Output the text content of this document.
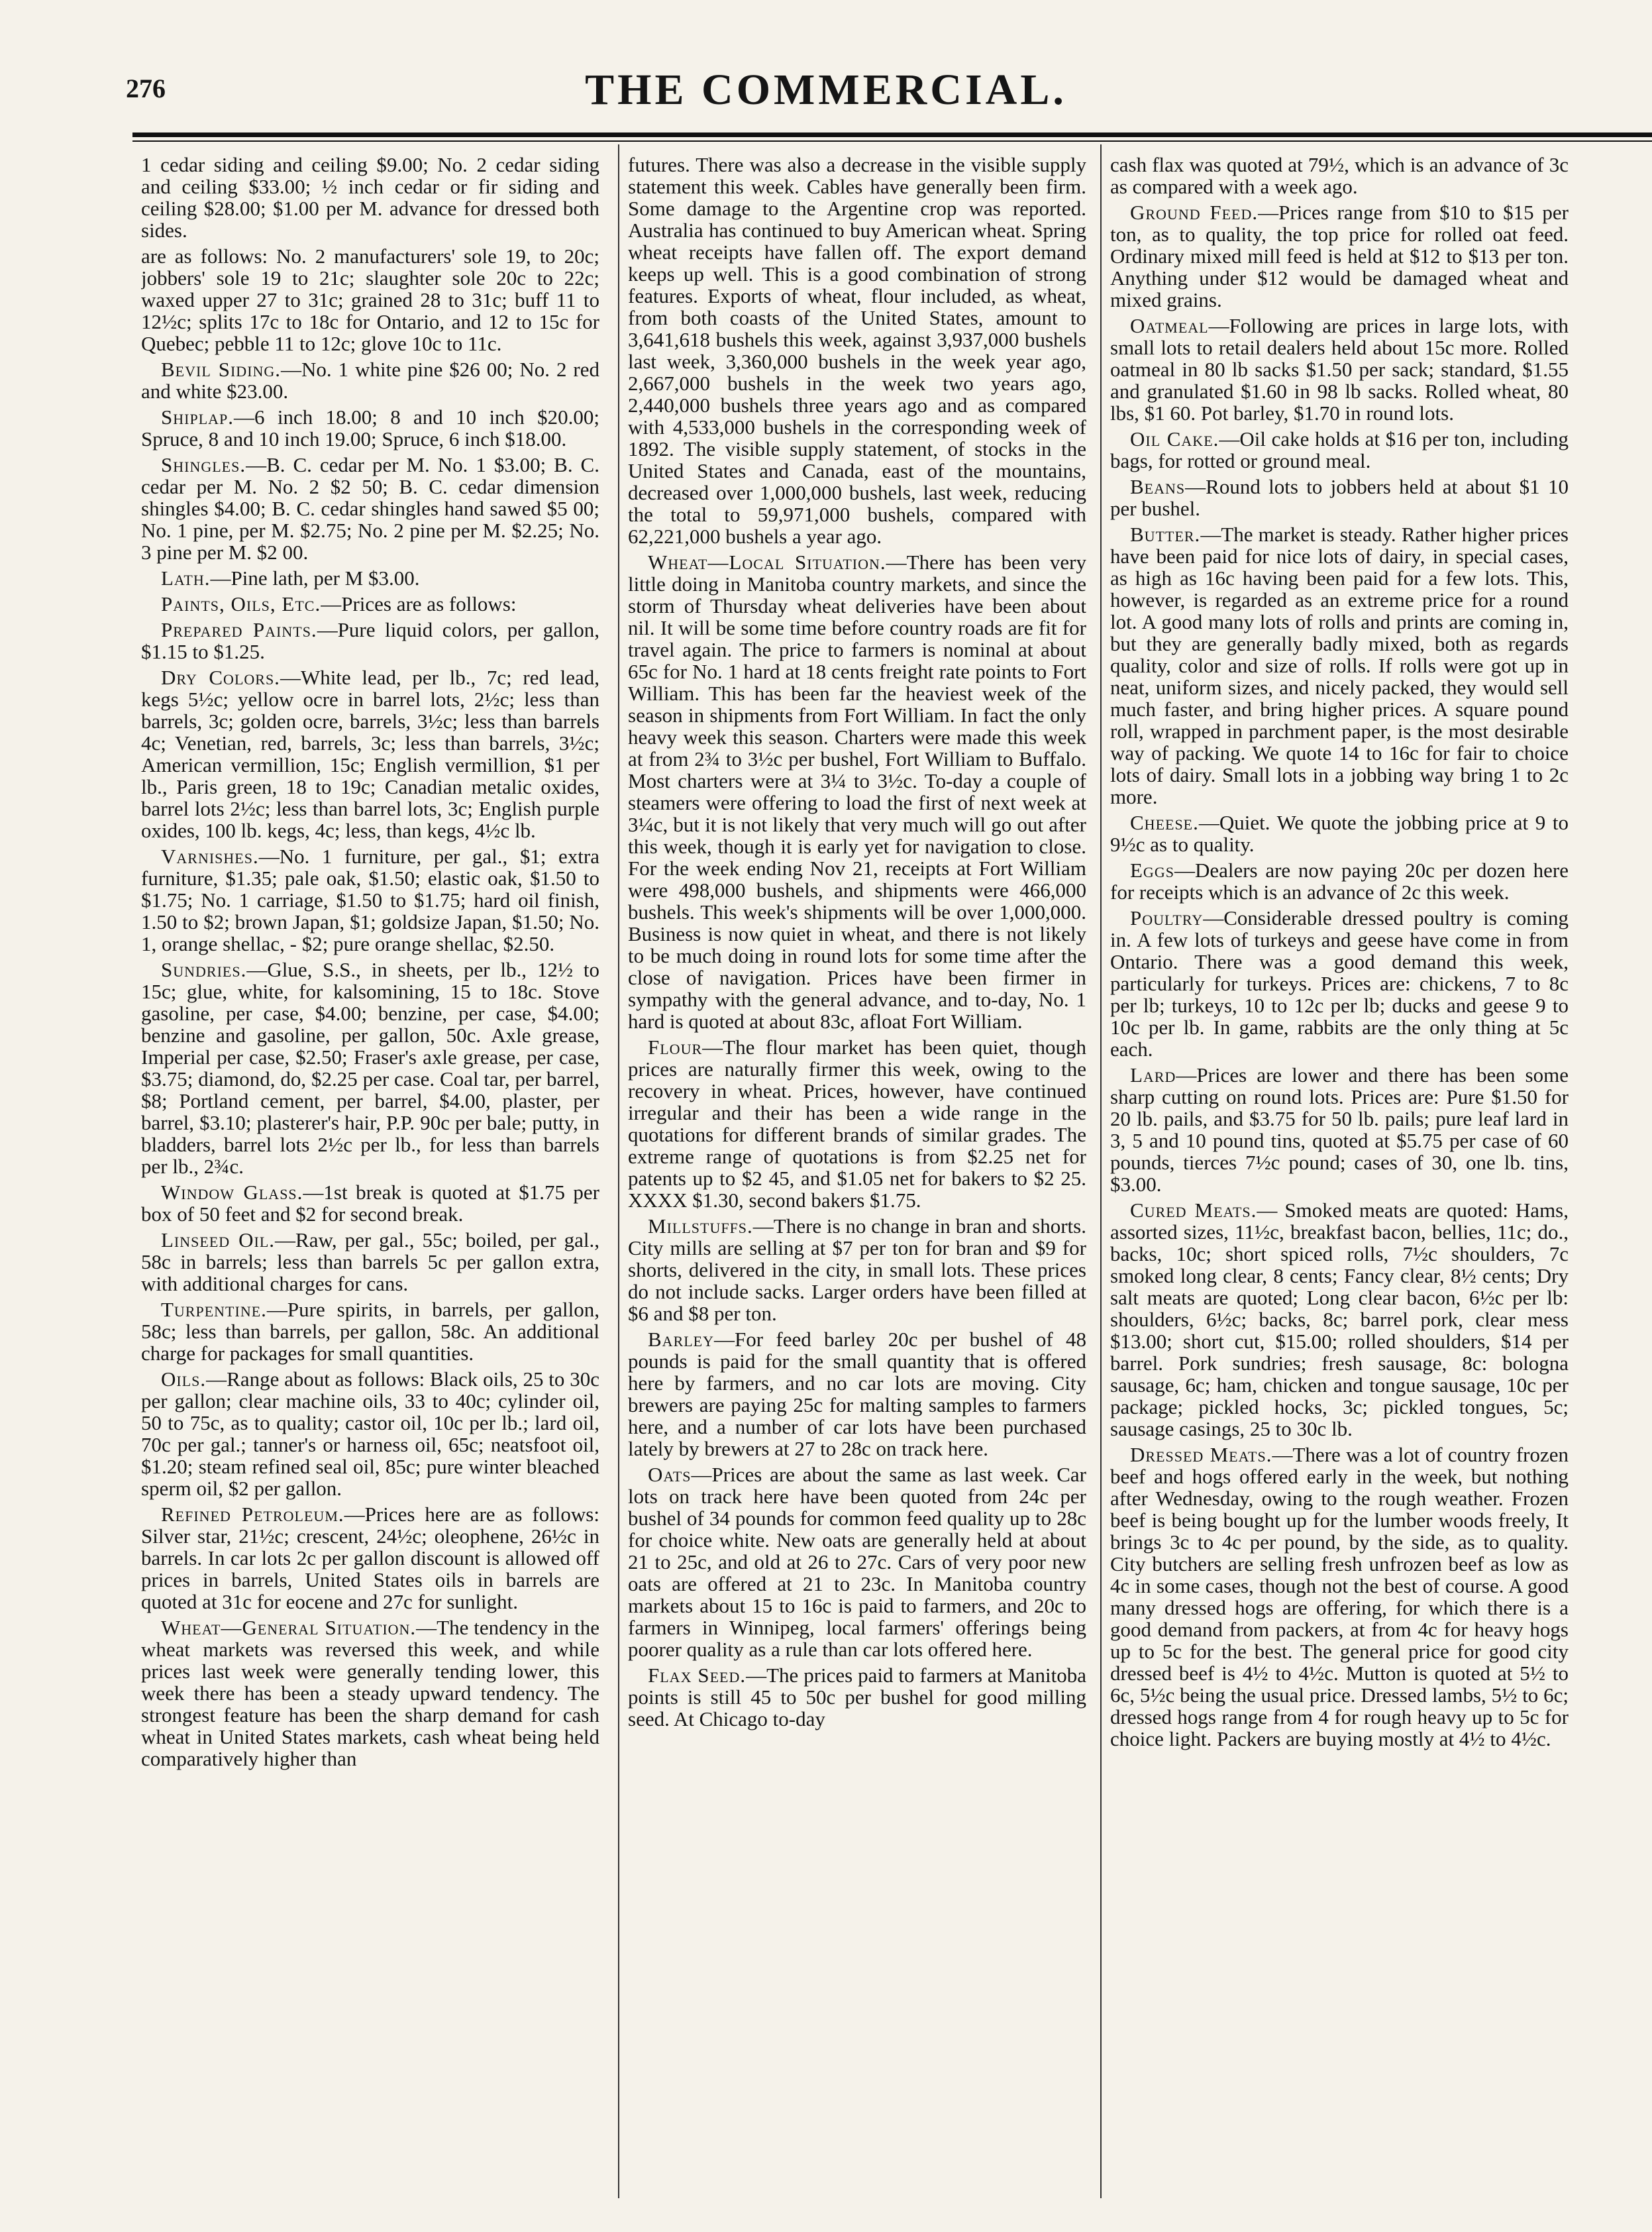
276	THE COMMERCIAL.

1 cedar siding and ceiling $9.00; No. 2 cedar siding and ceiling $33.00; ½ inch cedar or fir siding and ceiling $28.00; $1.00 per M. advance for dressed both sides.

are as follows: No. 2 manufacturers' sole 19, to 20c; jobbers' sole 19 to 21c; slaughter sole 20c to 22c; waxed upper 27 to 31c; grained 28 to 31c; buff 11 to 12½c; splits 17c to 18c for Ontario, and 12 to 15c for Quebec; pebble 11 to 12c; glove 10c to 11c.

Bevil Siding.—No. 1 white pine $26 00; No. 2 red and white $23.00.

Shiplap.—6 inch 18.00; 8 and 10 inch $20.00; Spruce, 8 and 10 inch 19.00; Spruce, 6 inch $18.00.

Shingles.—B. C. cedar per M. No. 1 $3.00; B. C. cedar per M. No. 2 $2 50; B. C. cedar dimension shingles $4.00; B. C. cedar shingles hand sawed $5 00; No. 1 pine, per M. $2.75; No. 2 pine per M. $2.25; No. 3 pine per M. $2 00.

Lath.—Pine lath, per M $3.00.

Paints, Oils, Etc.—Prices are as follows:

Prepared Paints.—Pure liquid colors, per gallon, $1.15 to $1.25.

Dry Colors.—White lead, per lb., 7c; red lead, kegs 5½c; yellow ocre in barrel lots, 2½c; less than barrels, 3c; golden ocre, barrels, 3½c; less than barrels 4c; Venetian, red, barrels, 3c; less than barrels, 3½c; American vermillion, 15c; English vermillion, $1 per lb., Paris green, 18 to 19c; Canadian metalic oxides, barrel lots 2½c; less than barrel lots, 3c; English purple oxides, 100 lb. kegs, 4c; less, than kegs, 4½c lb.

Varnishes.—No. 1 furniture, per gal., $1; extra furniture, $1.35; pale oak, $1.50; elastic oak, $1.50 to $1.75; No. 1 carriage, $1.50 to $1.75; hard oil finish, 1.50 to $2; brown Japan, $1; goldsize Japan, $1.50; No. 1, orange shellac, - $2; pure orange shellac, $2.50.

Sundries.—Glue, S.S., in sheets, per lb., 12½ to 15c; glue, white, for kalsomining, 15 to 18c. Stove gasoline, per case, $4.00; benzine, per case, $4.00; benzine and gasoline, per gallon, 50c. Axle grease, Imperial per case, $2.50; Fraser's axle grease, per case, $3.75; diamond, do, $2.25 per case. Coal tar, per barrel, $8; Portland cement, per barrel, $4.00, plaster, per barrel, $3.10; plasterer's hair, P.P. 90c per bale; putty, in bladders, barrel lots 2½c per lb., for less than barrels per lb., 2¾c.

Window Glass.—1st break is quoted at $1.75 per box of 50 feet and $2 for second break.

Linseed Oil.—Raw, per gal., 55c; boiled, per gal., 58c in barrels; less than barrels 5c per gallon extra, with additional charges for cans.

Turpentine.—Pure spirits, in barrels, per gallon, 58c; less than barrels, per gallon, 58c. An additional charge for packages for small quantities.

Oils.—Range about as follows: Black oils, 25 to 30c per gallon; clear machine oils, 33 to 40c; cylinder oil, 50 to 75c, as to quality; castor oil, 10c per lb.; lard oil, 70c per gal.; tanner's or harness oil, 65c; neatsfoot oil, $1.20; steam refined seal oil, 85c; pure winter bleached sperm oil, $2 per gallon.

Refined Petroleum.—Prices here are as follows: Silver star, 21½c; crescent, 24½c; oleophene, 26½c in barrels. In car lots 2c per gallon discount is allowed off prices in barrels, United States oils in barrels are quoted at 31c for eocene and 27c for sunlight.

Wheat—General Situation.—The tendency in the wheat markets was reversed this week, and while prices last week were generally tending lower, this week there has been a steady upward tendency. The strongest feature has been the sharp demand for cash wheat in United States markets, cash wheat being held comparatively higher than

futures. There was also a decrease in the visible supply statement this week. Cables have generally been firm. Some damage to the Argentine crop was reported. Australia has continued to buy American wheat. Spring wheat receipts have fallen off. The export demand keeps up well. This is a good combination of strong features. Exports of wheat, flour included, as wheat, from both coasts of the United States, amount to 3,641,618 bushels this week, against 3,937,000 bushels last week, 3,360,000 bushels in the week year ago, 2,667,000 bushels in the week two years ago, 2,440,000 bushels three years ago and as compared with 4,533,000 bushels in the corresponding week of 1892. The visible supply statement, of stocks in the United States and Canada, east of the mountains, decreased over 1,000,000 bushels, last week, reducing the total to 59,971,000 bushels, compared with 62,221,000 bushels a year ago.

Wheat—Local Situation.—There has been very little doing in Manitoba country markets, and since the storm of Thursday wheat deliveries have been about nil. It will be some time before country roads are fit for travel again. The price to farmers is nominal at about 65c for No. 1 hard at 18 cents freight rate points to Fort William. This has been far the heaviest week of the season in shipments from Fort William. In fact the only heavy week this season. Charters were made this week at from 2¾ to 3½c per bushel, Fort William to Buffalo. Most charters were at 3¼ to 3½c. To-day a couple of steamers were offering to load the first of next week at 3¼c, but it is not likely that very much will go out after this week, though it is early yet for navigation to close. For the week ending Nov 21, receipts at Fort William were 498,000 bushels, and shipments were 466,000 bushels. This week's shipments will be over 1,000,000. Business is now quiet in wheat, and there is not likely to be much doing in round lots for some time after the close of navigation. Prices have been firmer in sympathy with the general advance, and to-day, No. 1 hard is quoted at about 83c, afloat Fort William.

Flour—The flour market has been quiet, though prices are naturally firmer this week, owing to the recovery in wheat. Prices, however, have continued irregular and their has been a wide range in the quotations for different brands of similar grades. The extreme range of quotations is from $2.25 net for patents up to $2 45, and $1.05 net for bakers to $2 25. XXXX $1.30, second bakers $1.75.

Millstuffs.—There is no change in bran and shorts. City mills are selling at $7 per ton for bran and $9 for shorts, delivered in the city, in small lots. These prices do not include sacks. Larger orders have been filled at $6 and $8 per ton.

Barley—For feed barley 20c per bushel of 48 pounds is paid for the small quantity that is offered here by farmers, and no car lots are moving. City brewers are paying 25c for malting samples to farmers here, and a number of car lots have been purchased lately by brewers at 27 to 28c on track here.

Oats—Prices are about the same as last week. Car lots on track here have been quoted from 24c per bushel of 34 pounds for common feed quality up to 28c for choice white. New oats are generally held at about 21 to 25c, and old at 26 to 27c. Cars of very poor new oats are offered at 21 to 23c. In Manitoba country markets about 15 to 16c is paid to farmers, and 20c to farmers in Winnipeg, local farmers' offerings being poorer quality as a rule than car lots offered here.

Flax Seed.—The prices paid to farmers at Manitoba points is still 45 to 50c per bushel for good milling seed. At Chicago to-day

cash flax was quoted at 79½, which is an advance of 3c as compared with a week ago.

Ground Feed.—Prices range from $10 to $15 per ton, as to quality, the top price for rolled oat feed. Ordinary mixed mill feed is held at $12 to $13 per ton. Anything under $12 would be damaged wheat and mixed grains.

Oatmeal—Following are prices in large lots, with small lots to retail dealers held about 15c more. Rolled oatmeal in 80 lb sacks $1.50 per sack; standard, $1.55 and granulated $1.60 in 98 lb sacks. Rolled wheat, 80 lbs, $1 60. Pot barley, $1.70 in round lots.

Oil Cake.—Oil cake holds at $16 per ton, including bags, for rotted or ground meal.

Beans—Round lots to jobbers held at about $1 10 per bushel.

Butter.—The market is steady. Rather higher prices have been paid for nice lots of dairy, in special cases, as high as 16c having been paid for a few lots. This, however, is regarded as an extreme price for a round lot. A good many lots of rolls and prints are coming in, but they are generally badly mixed, both as regards quality, color and size of rolls. If rolls were got up in neat, uniform sizes, and nicely packed, they would sell much faster, and bring higher prices. A square pound roll, wrapped in parchment paper, is the most desirable way of packing. We quote 14 to 16c for fair to choice lots of dairy. Small lots in a jobbing way bring 1 to 2c more.

Cheese.—Quiet. We quote the jobbing price at 9 to 9½c as to quality.

Eggs—Dealers are now paying 20c per dozen here for receipts which is an advance of 2c this week.

Poultry—Considerable dressed poultry is coming in. A few lots of turkeys and geese have come in from Ontario. There was a good demand this week, particularly for turkeys. Prices are: chickens, 7 to 8c per lb; turkeys, 10 to 12c per lb; ducks and geese 9 to 10c per lb. In game, rabbits are the only thing at 5c each.

Lard—Prices are lower and there has been some sharp cutting on round lots. Prices are: Pure $1.50 for 20 lb. pails, and $3.75 for 50 lb. pails; pure leaf lard in 3, 5 and 10 pound tins, quoted at $5.75 per case of 60 pounds, tierces 7½c pound; cases of 30, one lb. tins, $3.00.

Cured Meats.— Smoked meats are quoted: Hams, assorted sizes, 11½c, breakfast bacon, bellies, 11c; do., backs, 10c; short spiced rolls, 7½c shoulders, 7c smoked long clear, 8 cents; Fancy clear, 8½ cents; Dry salt meats are quoted; Long clear bacon, 6½c per lb: shoulders, 6½c; backs, 8c; barrel pork, clear mess $13.00; short cut, $15.00; rolled shoulders, $14 per barrel. Pork sundries; fresh sausage, 8c: bologna sausage, 6c; ham, chicken and tongue sausage, 10c per package; pickled hocks, 3c; pickled tongues, 5c; sausage casings, 25 to 30c lb.

Dressed Meats.—There was a lot of country frozen beef and hogs offered early in the week, but nothing after Wednesday, owing to the rough weather. Frozen beef is being bought up for the lumber woods freely, It brings 3c to 4c per pound, by the side, as to quality. City butchers are selling fresh unfrozen beef as low as 4c in some cases, though not the best of course. A good many dressed hogs are offering, for which there is a good demand from packers, at from 4c for heavy hogs up to 5c for the best. The general price for good city dressed beef is 4½ to 4½c. Mutton is quoted at 5½ to 6c, 5½c being the usual price. Dressed lambs, 5½ to 6c; dressed hogs range from 4 for rough heavy up to 5c for choice light. Packers are buying mostly at 4½ to 4½c.
